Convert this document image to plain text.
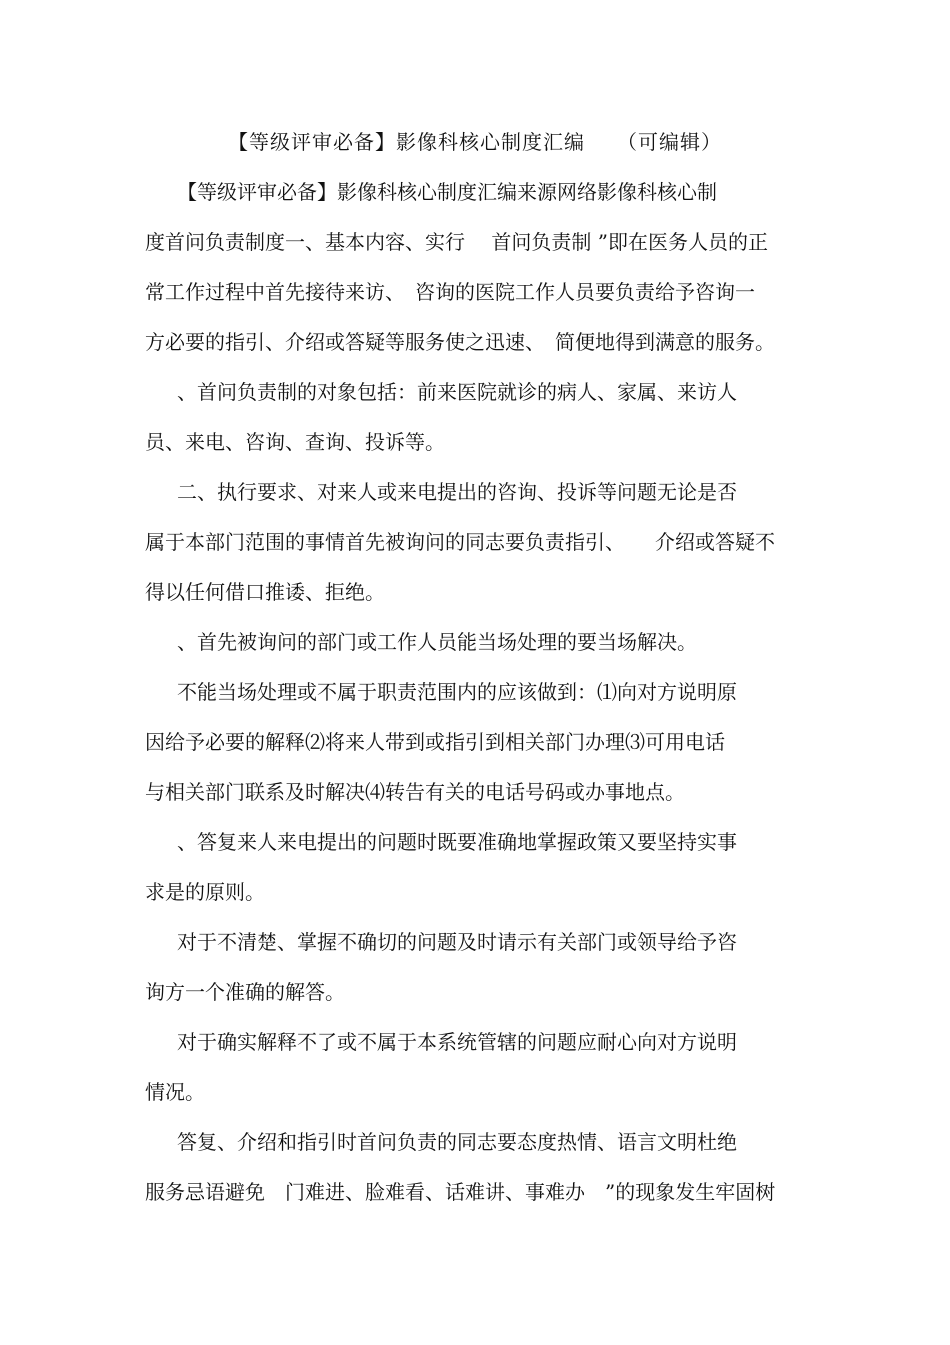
【等级评审必备】影像科核心制度汇编　　（可编辑）
【等级评审必备】影像科核心制度汇编来源网络影像科核心制
度首问负责制度一、基本内容、实行　 首问负责制 ”即在医务人员的正
常工作过程中首先接待来访、　咨询的医院工作人员要负责给予咨询一
方必要的指引、介绍或答疑等服务使之迅速、　简便地得到满意的服务。
、首问负责制的对象包括：前来医院就诊的病人、家属、来访人
员、来电、咨询、查询、投诉等。
二、执行要求、对来人或来电提出的咨询、投诉等问题无论是否
属于本部门范围的事情首先被询问的同志要负责指引、　　介绍或答疑不
得以任何借口推诿、拒绝。
、首先被询问的部门或工作人员能当场处理的要当场解决。
不能当场处理或不属于职责范围内的应该做到：⑴向对方说明原
因给予必要的解释⑵将来人带到或指引到相关部门办理⑶可用电话
与相关部门联系及时解决⑷转告有关的电话号码或办事地点。
、答复来人来电提出的问题时既要准确地掌握政策又要坚持实事
求是的原则。
对于不清楚、掌握不确切的问题及时请示有关部门或领导给予咨
询方一个准确的解答。
对于确实解释不了或不属于本系统管辖的问题应耐心向对方说明
情况。
答复、介绍和指引时首问负责的同志要态度热情、语言文明杜绝
服务忌语避免　门难进、脸难看、话难讲、事难办　”的现象发生牢固树
